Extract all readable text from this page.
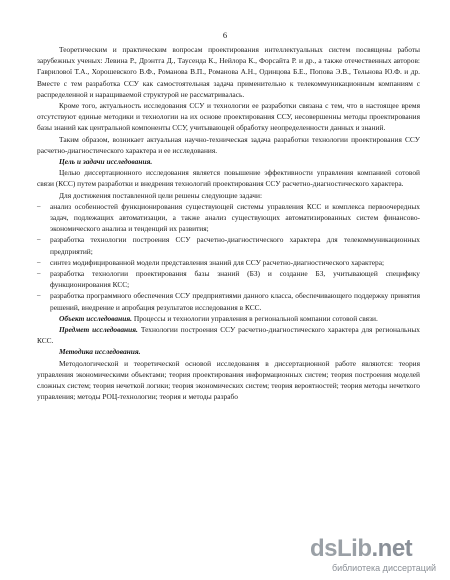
6

Теоретическим и практическим вопросам проектирования интеллектуальных систем посвящены работы зарубежных ученых: Левина Р., Дрэнтга Д., Таусенда К., Нейлора К., Форсайта Р. и др., а также отечественных авторов: Гаврилової Т.А., Хорошевского В.Ф., Романова В.П., Романова А.Н., Одинцова Б.Е., Попова Э.В., Тельнова Ю.Ф. и др. Вместе с тем разработка ССУ как самостоятельная задача применительно к телекоммуникационным компаниям с распределенной и наращиваемой структурой не рассматривалась.

Кроме того, актуальность исследования ССУ и технологии ее разработки связана с тем, что в настоящее время отсутствуют единые методики и технологии на их основе проектирования ССУ, несовершенны методы проектирования базы знаний как центральной компоненты ССУ, учитывающей обработку неопределенности данных и знаний.

Таким образом, возникает актуальная научно-техническая задача разработки технологии проектирования ССУ расчетно-диагностического характера и ее исследования.

Цель и задачи исследования.

Целью диссертационного исследования является повышение эффективности управления компанией сотовой связи (КСС) путем разработки и внедрения технологий проектирования ССУ расчетно-диагностического характера.

Для достижения поставленной цели решены следующие задачи:

– анализ особенностей функционирования существующей системы управления КСС и комплекса первоочередных задач, подлежащих автоматизации, а также анализ существующих автоматизированных систем финансово-экономического анализа и тенденций их развития;
– разработка технологии построения ССУ расчетно-диагностического характера для телекоммуникационных предприятий;
– синтез модифицированной модели представления знаний для ССУ расчетно-диагностического характера;
– разработка технологии проектирования базы знаний (БЗ) и создание БЗ, учитывающей специфику функционирования КСС;
– разработка программного обеспечения ССУ предприятиями данного класса, обеспечивающего поддержку принятия решений, внедрение и апробация результатов исследования в КСС.

Объект исследования. Процессы и технологии управления в региональной компании сотовой связи.

Предмет исследования. Технологии построения ССУ расчетно-диагностического характера для региональных КСС.

Методика исследования.

Методологической и теоретической основой исследования в диссертационной работе являются: теория управления экономическими объектами; теория проектирования информационных систем; теория построения моделей сложных систем; теория нечеткой логики; теория экономических систем; теория вероятностей; теория методы нечеткого управления; методы РОЦ-технологии; теория и методы разрабо

dsLib.net
библиотека диссертаций
